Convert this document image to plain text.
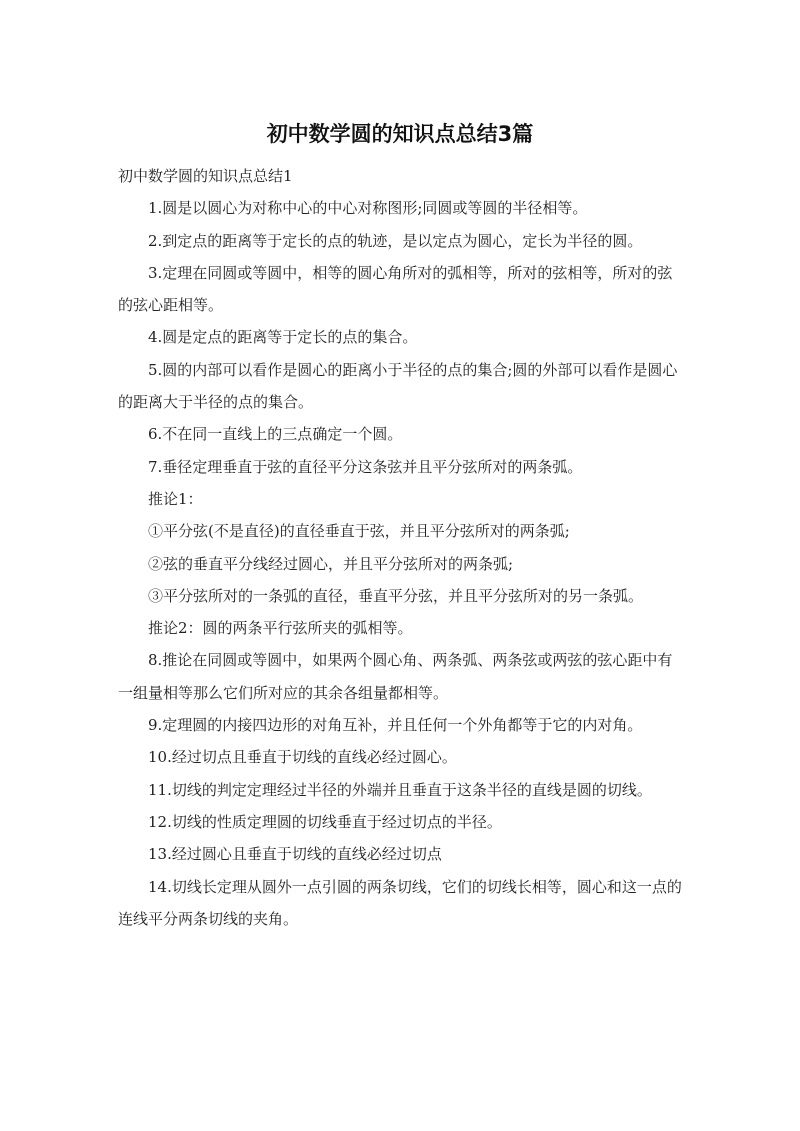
初中数学圆的知识点总结3篇

初中数学圆的知识点总结1

1.圆是以圆心为对称中心的中心对称图形;同圆或等圆的半径相等。

2.到定点的距离等于定长的点的轨迹，是以定点为圆心，定长为半径的圆。

3.定理在同圆或等圆中，相等的圆心角所对的弧相等，所对的弦相等，所对的弦的弦心距相等。

4.圆是定点的距离等于定长的点的集合。

5.圆的内部可以看作是圆心的距离小于半径的点的集合;圆的外部可以看作是圆心的距离大于半径的点的集合。

6.不在同一直线上的三点确定一个圆。

7.垂径定理垂直于弦的直径平分这条弦并且平分弦所对的两条弧。

推论1：

①平分弦(不是直径)的直径垂直于弦，并且平分弦所对的两条弧;

②弦的垂直平分线经过圆心，并且平分弦所对的两条弧;

③平分弦所对的一条弧的直径，垂直平分弦，并且平分弦所对的另一条弧。

推论2：圆的两条平行弦所夹的弧相等。

8.推论在同圆或等圆中，如果两个圆心角、两条弧、两条弦或两弦的弦心距中有一组量相等那么它们所对应的其余各组量都相等。

9.定理圆的内接四边形的对角互补，并且任何一个外角都等于它的内对角。

10.经过切点且垂直于切线的直线必经过圆心。

11.切线的判定定理经过半径的外端并且垂直于这条半径的直线是圆的切线。

12.切线的性质定理圆的切线垂直于经过切点的半径。

13.经过圆心且垂直于切线的直线必经过切点

14.切线长定理从圆外一点引圆的两条切线，它们的切线长相等，圆心和这一点的连线平分两条切线的夹角。
